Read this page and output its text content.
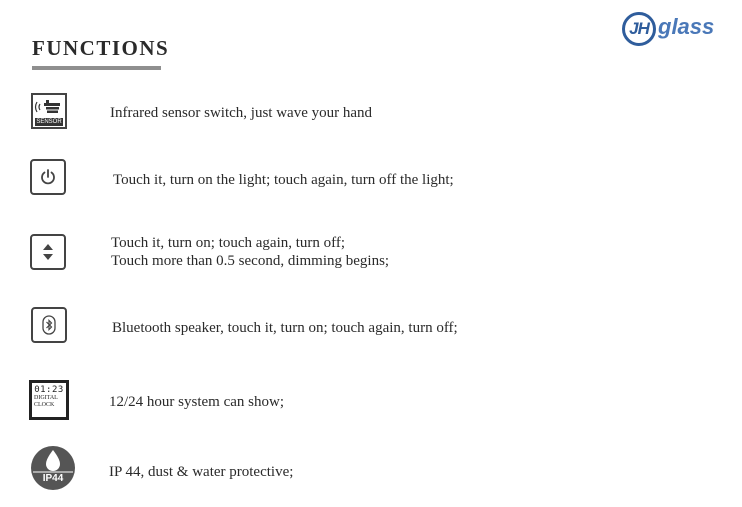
FUNCTIONS
JH glass
SENSOR
Infrared sensor switch, just wave your hand
Touch it, turn on the light; touch again, turn off the light;
Touch it, turn on; touch again, turn off;
Touch more than 0.5 second, dimming begins;
Bluetooth speaker, touch it, turn on; touch again, turn off;
01:23
DIGITAL
CLOCK	12/24 hour system can show;
IP44	IP 44, dust & water protective;
